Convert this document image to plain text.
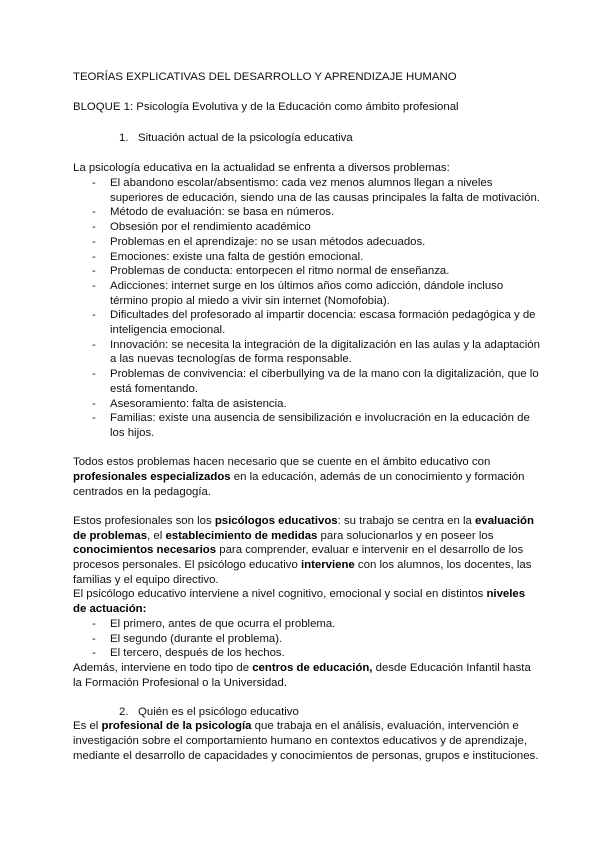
TEORÍAS EXPLICATIVAS DEL DESARROLLO Y APRENDIZAJE HUMANO
BLOQUE 1: Psicología Evolutiva y de la Educación como ámbito profesional
1. Situación actual de la psicología educativa
La psicología educativa en la actualidad se enfrenta a diversos problemas:
- El abandono escolar/absentismo: cada vez menos alumnos llegan a niveles
superiores de educación, siendo una de las causas principales la falta de motivación.
- Método de evaluación: se basa en números.
- Obsesión por el rendimiento académico
- Problemas en el aprendizaje: no se usan métodos adecuados.
- Emociones: existe una falta de gestión emocional.
- Problemas de conducta: entorpecen el ritmo normal de enseñanza.
- Adicciones: internet surge en los últimos años como adicción, dándole incluso
término propio al miedo a vivir sin internet (Nomofobia).
- Dificultades del profesorado al impartir docencia: escasa formación pedagógica y de
inteligencia emocional.
- Innovación: se necesita la integración de la digitalización en las aulas y la adaptación
a las nuevas tecnologías de forma responsable.
- Problemas de convivencia: el ciberbullying va de la mano con la digitalización, que lo
está fomentando.
- Asesoramiento: falta de asistencia.
- Familias: existe una ausencia de sensibilización e involucración en la educación de
los hijos.
Todos estos problemas hacen necesario que se cuente en el ámbito educativo con
profesionales especializados en la educación, además de un conocimiento y formación
centrados en la pedagogía.
Estos profesionales son los psicólogos educativos: su trabajo se centra en la evaluación
de problemas, el establecimiento de medidas para solucionarlos y en poseer los
conocimientos necesarios para comprender, evaluar e intervenir en el desarrollo de los
procesos personales. El psicólogo educativo interviene con los alumnos, los docentes, las
familias y el equipo directivo.
El psicólogo educativo interviene a nivel cognitivo, emocional y social en distintos niveles
de actuación:
- El primero, antes de que ocurra el problema.
- El segundo (durante el problema).
- El tercero, después de los hechos.
Además, interviene en todo tipo de centros de educación, desde Educación Infantil hasta
la Formación Profesional o la Universidad.
2. Quién es el psicólogo educativo
Es el profesional de la psicología que trabaja en el análisis, evaluación, intervención e
investigación sobre el comportamiento humano en contextos educativos y de aprendizaje,
mediante el desarrollo de capacidades y conocimientos de personas, grupos e instituciones.
